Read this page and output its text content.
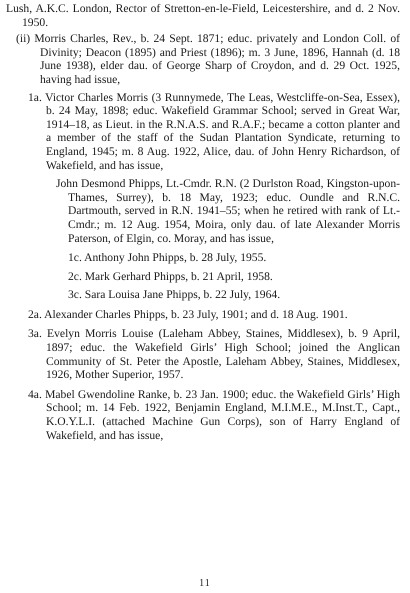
Lush, A.K.C. London, Rector of Stretton-en-le-Field, Leicestershire, and d. 2 Nov. 1950.

(ii) Morris Charles, Rev., b. 24 Sept. 1871; educ. privately and London Coll. of Divinity; Deacon (1895) and Priest (1896); m. 3 June, 1896, Hannah (d. 18 June 1938), elder dau. of George Sharp of Croydon, and d. 29 Oct. 1925, having had issue,

1a. Victor Charles Morris (3 Runnymede, The Leas, Westcliffe-on-Sea, Essex), b. 24 May, 1898; educ. Wakefield Grammar School; served in Great War, 1914–18, as Lieut. in the R.N.A.S. and R.A.F.; became a cotton planter and a member of the staff of the Sudan Plantation Syndicate, returning to England, 1945; m. 8 Aug. 1922, Alice, dau. of John Henry Richardson, of Wakefield, and has issue,

John Desmond Phipps, Lt.-Cmdr. R.N. (2 Durlston Road, Kingston-upon-Thames, Surrey), b. 18 May, 1923; educ. Oundle and R.N.C. Dartmouth, served in R.N. 1941–55; when he retired with rank of Lt.-Cmdr.; m. 12 Aug. 1954, Moira, only dau. of late Alexander Morris Paterson, of Elgin, co. Moray, and has issue,

1c. Anthony John Phipps, b. 28 July, 1955.

2c. Mark Gerhard Phipps, b. 21 April, 1958.

3c. Sara Louisa Jane Phipps, b. 22 July, 1964.

2a. Alexander Charles Phipps, b. 23 July, 1901; and d. 18 Aug. 1901.

3a. Evelyn Morris Louise (Laleham Abbey, Staines, Middlesex), b. 9 April, 1897; educ. the Wakefield Girls’ High School; joined the Anglican Community of St. Peter the Apostle, Laleham Abbey, Staines, Middlesex, 1926, Mother Superior, 1957.

4a. Mabel Gwendoline Ranke, b. 23 Jan. 1900; educ. the Wakefield Girls’ High School; m. 14 Feb. 1922, Benjamin England, M.I.M.E., M.Inst.T., Capt., K.O.Y.L.I. (attached Machine Gun Corps), son of Harry England of Wakefield, and has issue,

11
